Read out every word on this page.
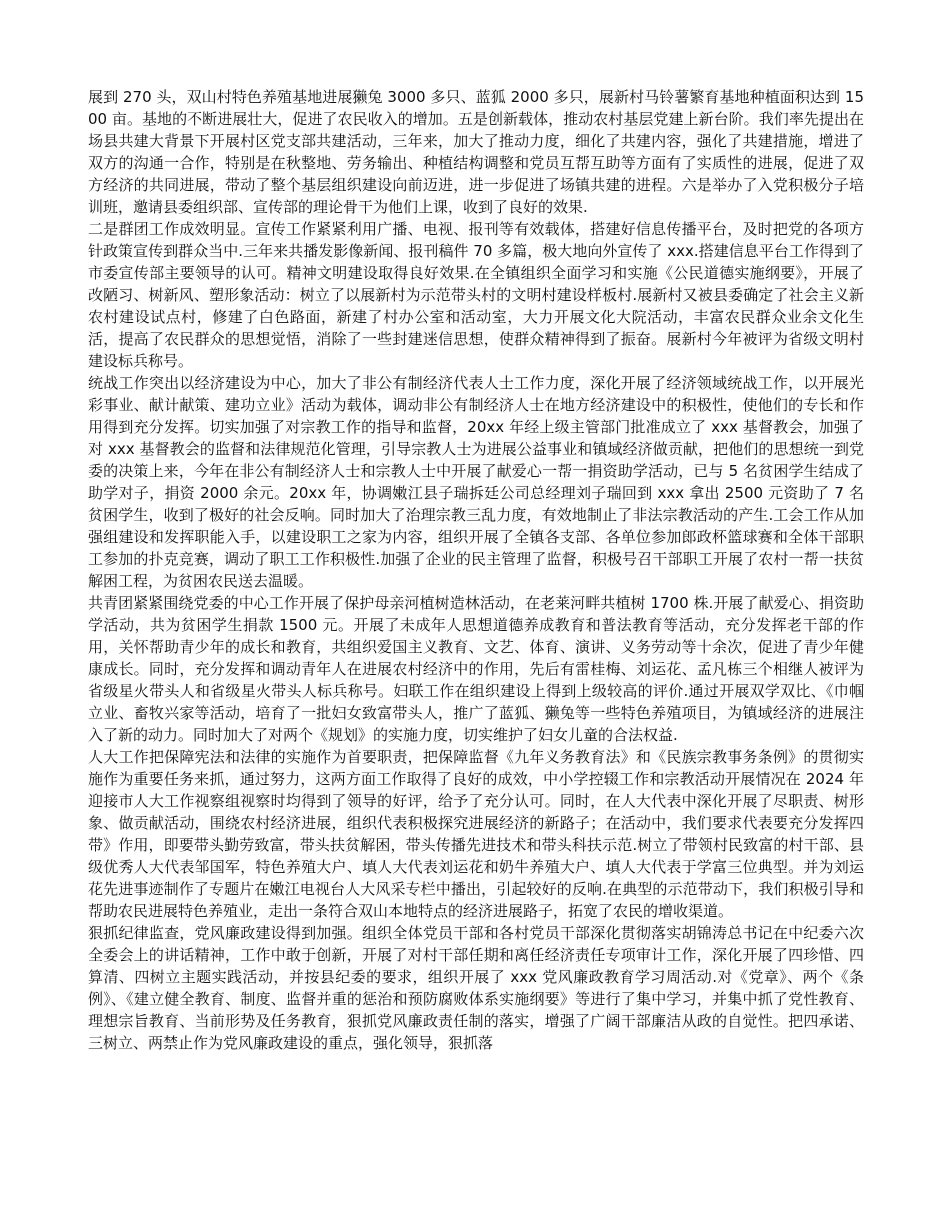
展到 270 头，双山村特色养殖基地进展獭兔 3000 多只、蓝狐 2000 多只，展新村马铃薯繁育基地种植面积达到 1500 亩。基地的不断进展壮大，促进了农民收入的增加。五是创新载体，推动农村基层党建上新台阶。我们率先提出在场县共建大背景下开展村区党支部共建活动，三年来，加大了推动力度，细化了共建内容，强化了共建措施，增进了双方的沟通一合作，特别是在秋整地、劳务输出、种植结构调整和党员互帮互助等方面有了实质性的进展，促进了双方经济的共同进展，带动了整个基层组织建设向前迈进，进一步促进了场镇共建的进程。六是举办了入党积极分子培训班，邀请县委组织部、宣传部的理论骨干为他们上课，收到了良好的效果.

二是群团工作成效明显。宣传工作紧紧利用广播、电视、报刊等有效载体，搭建好信息传播平台，及时把党的各项方针政策宣传到群众当中.三年来共播发影像新闻、报刊稿件 70 多篇，极大地向外宣传了 xxx.搭建信息平台工作得到了市委宣传部主要领导的认可。精神文明建设取得良好效果.在全镇组织全面学习和实施《公民道德实施纲要》，开展了改陋习、树新风、塑形象活动：树立了以展新村为示范带头村的文明村建设样板村.展新村又被县委确定了社会主义新农村建设试点村，修建了白色路面，新建了村办公室和活动室，大力开展文化大院活动，丰富农民群众业余文化生活，提高了农民群众的思想觉悟，消除了一些封建迷信思想，使群众精神得到了振奋。展新村今年被评为省级文明村建设标兵称号。

统战工作突出以经济建设为中心，加大了非公有制经济代表人士工作力度，深化开展了经济领域统战工作，以开展光彩事业、献计献策、建功立业》活动为载体，调动非公有制经济人士在地方经济建设中的积极性，使他们的专长和作用得到充分发挥。切实加强了对宗教工作的指导和监督，20xx 年经上级主管部门批准成立了 xxx 基督教会，加强了对 xxx 基督教会的监督和法律规范化管理，引导宗教人士为进展公益事业和镇域经济做贡献，把他们的思想统一到党委的决策上来，今年在非公有制经济人士和宗教人士中开展了献爱心一帮一捐资助学活动，已与 5 名贫困学生结成了助学对子，捐资 2000 余元。20xx 年，协调嫩江县子瑞拆廷公司总经理刘子瑞回到 xxx 拿出 2500 元资助了 7 名贫困学生，收到了极好的社会反响。同时加大了治理宗教三乱力度，有效地制止了非法宗教活动的产生.工会工作从加强组建设和发挥职能入手，以建设职工之家为内容，组织开展了全镇各支部、各单位参加郎政杯篮球赛和全体干部职工参加的扑克竞赛，调动了职工工作积极性.加强了企业的民主管理了监督，积极号召干部职工开展了农村一帮一扶贫解困工程，为贫困农民送去温暖。

共青团紧紧围绕党委的中心工作开展了保护母亲河植树造林活动，在老莱河畔共植树 1700 株.开展了献爱心、捐资助学活动，共为贫困学生捐款 1500 元。开展了未成年人思想道德养成教育和普法教育等活动，充分发挥老干部的作用，关怀帮助青少年的成长和教育，共组织爱国主义教育、文艺、体育、演讲、义务劳动等十余次，促进了青少年健康成长。同时，充分发挥和调动青年人在进展农村经济中的作用，先后有雷桂梅、刘运花、孟凡栋三个相继人被评为省级星火带头人和省级星火带头人标兵称号。妇联工作在组织建设上得到上级较高的评价.通过开展双学双比、《巾帼立业、畜牧兴家等活动，培育了一批妇女致富带头人，推广了蓝狐、獭兔等一些特色养殖项目，为镇域经济的进展注入了新的动力。同时加大了对两个《规划》的实施力度，切实维护了妇女儿童的合法权益.

人大工作把保障宪法和法律的实施作为首要职责，把保障监督《九年义务教育法》和《民族宗教事务条例》的贯彻实施作为重要任务来抓，通过努力，这两方面工作取得了良好的成效，中小学控辍工作和宗教活动开展情况在 2024 年迎接市人大工作视察组视察时均得到了领导的好评，给予了充分认可。同时，在人大代表中深化开展了尽职责、树形象、做贡献活动，围绕农村经济进展，组织代表积极探究进展经济的新路子；在活动中，我们要求代表要充分发挥四带》作用，即要带头勤劳致富，带头扶贫解困，带头传播先进技术和带头科扶示范.树立了带领村民致富的村干部、县级优秀人大代表邹国军，特色养殖大户、填人大代表刘运花和奶牛养殖大户、填人大代表于学富三位典型。并为刘运花先进事迹制作了专题片在嫩江电视台人大风采专栏中播出，引起较好的反响.在典型的示范带动下，我们积极引导和帮助农民进展特色养殖业，走出一条符合双山本地特点的经济进展路子，拓宽了农民的增收渠道。

狠抓纪律监查，党风廉政建设得到加强。组织全体党员干部和各村党员干部深化贯彻落实胡锦涛总书记在中纪委六次全委会上的讲话精神，工作中敢于创新，开展了对村干部任期和离任经济责任专项审计工作，深化开展了四珍惜、四算清、四树立主题实践活动，并按县纪委的要求，组织开展了 xxx 党风廉政教育学习周活动.对《党章》、两个《条例》、《建立健全教育、制度、监督并重的惩治和预防腐败体系实施纲要》等进行了集中学习，并集中抓了党性教育、理想宗旨教育、当前形势及任务教育，狠抓党风廉政责任制的落实，增强了广阔干部廉洁从政的自觉性。把四承诺、三树立、两禁止作为党风廉政建设的重点，强化领导，狠抓落
